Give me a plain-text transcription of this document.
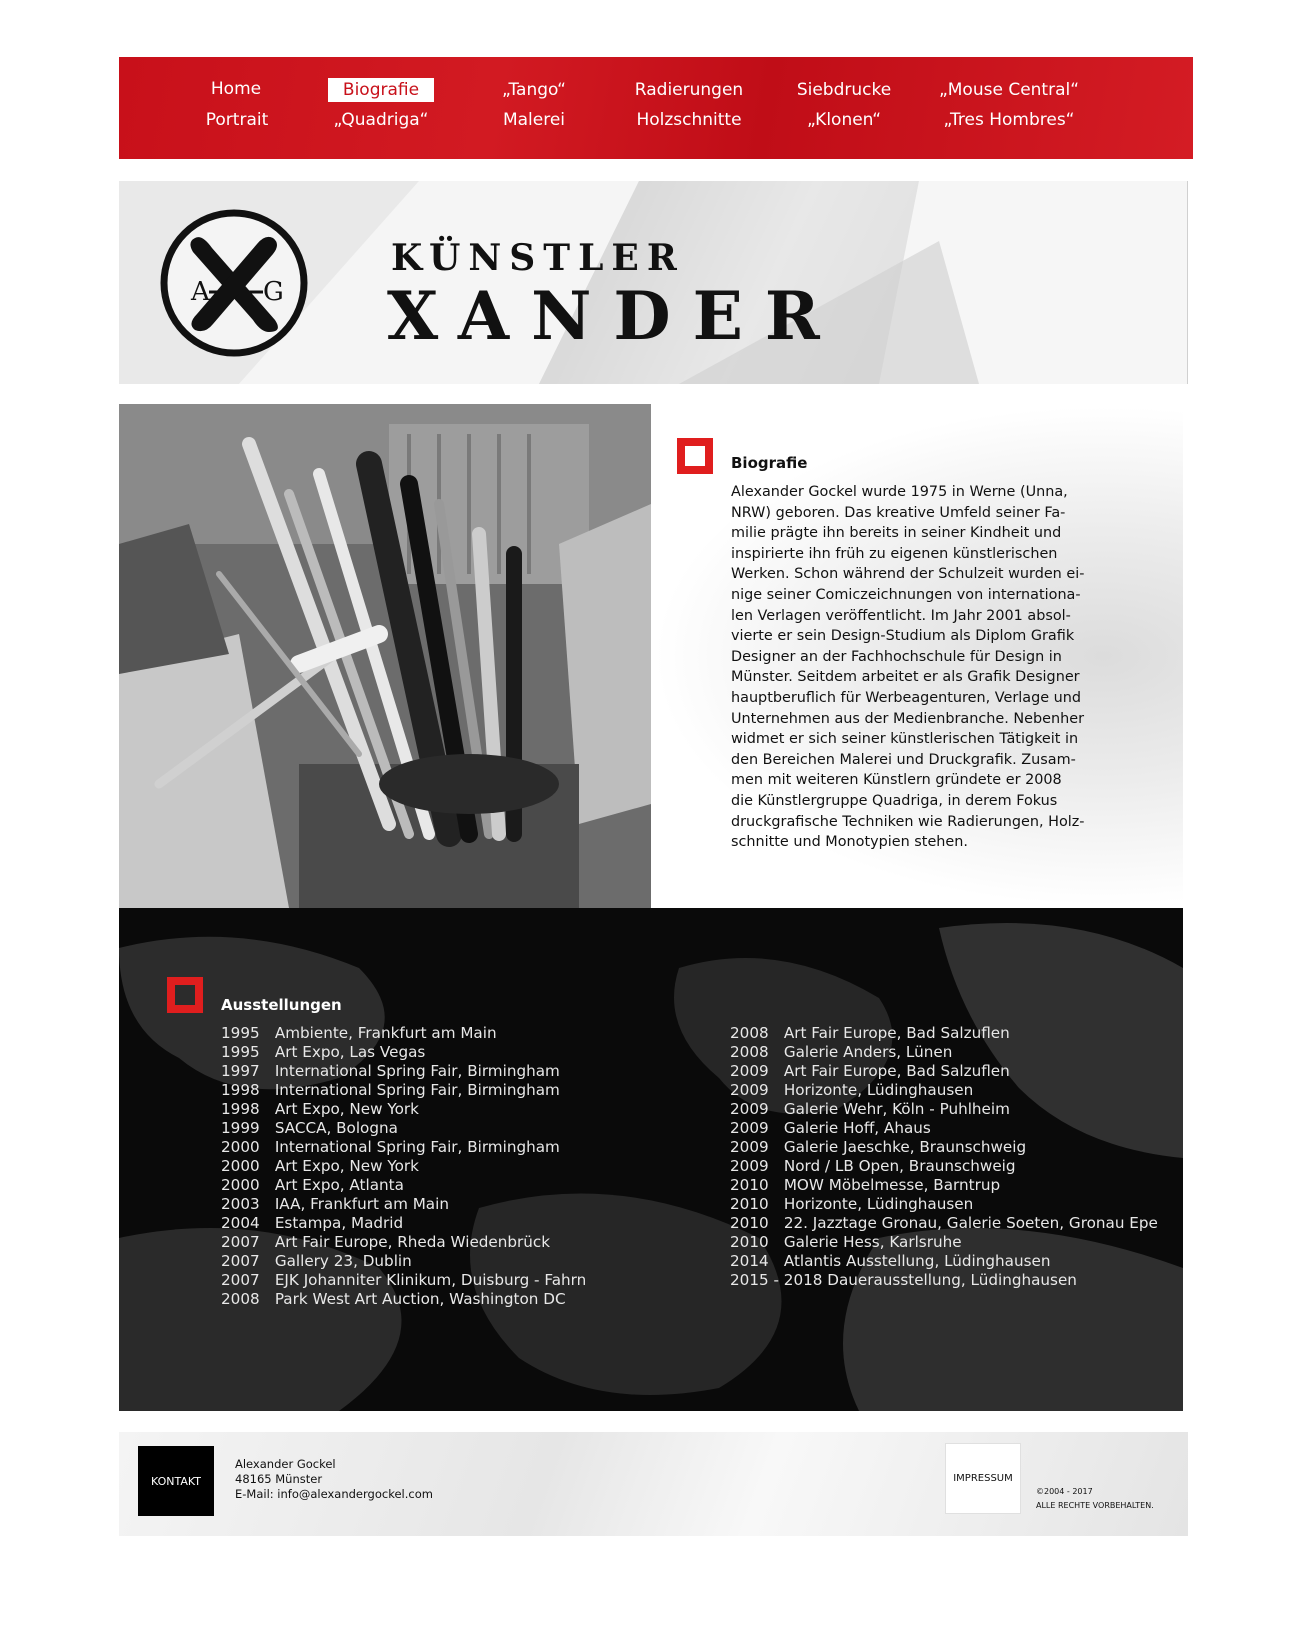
Home	Biografie	„Tango“	Radierungen	Siebdrucke	„Mouse Central“
Portrait	„Quadriga“	Malerei	Holzschnitte	„Klonen“	„Tres Hombres“
A G
KÜNSTLER
XANDER
Biografie
Alexander Gockel wurde 1975 in Werne (Unna,
NRW) geboren. Das kreative Umfeld seiner Fa-
milie prägte ihn bereits in seiner Kindheit und
inspirierte ihn früh zu eigenen künstlerischen
Werken. Schon während der Schulzeit wurden ei-
nige seiner Comiczeichnungen von internationa-
len Verlagen veröffentlicht. Im Jahr 2001 absol-
vierte er sein Design-Studium als Diplom Grafik
Designer an der Fachhochschule für Design in
Münster. Seitdem arbeitet er als Grafik Designer
hauptberuflich für Werbeagenturen, Verlage und
Unternehmen aus der Medienbranche. Nebenher
widmet er sich seiner künstlerischen Tätigkeit in
den Bereichen Malerei und Druckgrafik. Zusam-
men mit weiteren Künstlern gründete er 2008
die Künstlergruppe Quadriga, in derem Fokus
druckgrafische Techniken wie Radierungen, Holz-
schnitte und Monotypien stehen.
Ausstellungen
1995 Ambiente, Frankfurt am Main
1995 Art Expo, Las Vegas
1997 International Spring Fair, Birmingham
1998 International Spring Fair, Birmingham
1998 Art Expo, New York
1999 SACCA, Bologna
2000 International Spring Fair, Birmingham
2000 Art Expo, New York
2000 Art Expo, Atlanta
2003 IAA, Frankfurt am Main
2004 Estampa, Madrid
2007 Art Fair Europe, Rheda Wiedenbrück
2007 Gallery 23, Dublin
2007 EJK Johanniter Klinikum, Duisburg - Fahrn
2008 Park West Art Auction, Washington DC
2008 Art Fair Europe, Bad Salzuflen
2008 Galerie Anders, Lünen
2009 Art Fair Europe, Bad Salzuflen
2009 Horizonte, Lüdinghausen
2009 Galerie Wehr, Köln - Puhlheim
2009 Galerie Hoff, Ahaus
2009 Galerie Jaeschke, Braunschweig
2009 Nord / LB Open, Braunschweig
2010 MOW Möbelmesse, Barntrup
2010 Horizonte, Lüdinghausen
2010 22. Jazztage Gronau, Galerie Soeten, Gronau Epe
2010 Galerie Hess, Karlsruhe
2014 Atlantis Ausstellung, Lüdinghausen
2015 - 2018 Dauerausstellung, Lüdinghausen
KONTAKT
Alexander Gockel
48165 Münster
E-Mail: info@alexandergockel.com
IMPRESSUM
©2004 - 2017
ALLE RECHTE VORBEHALTEN.
